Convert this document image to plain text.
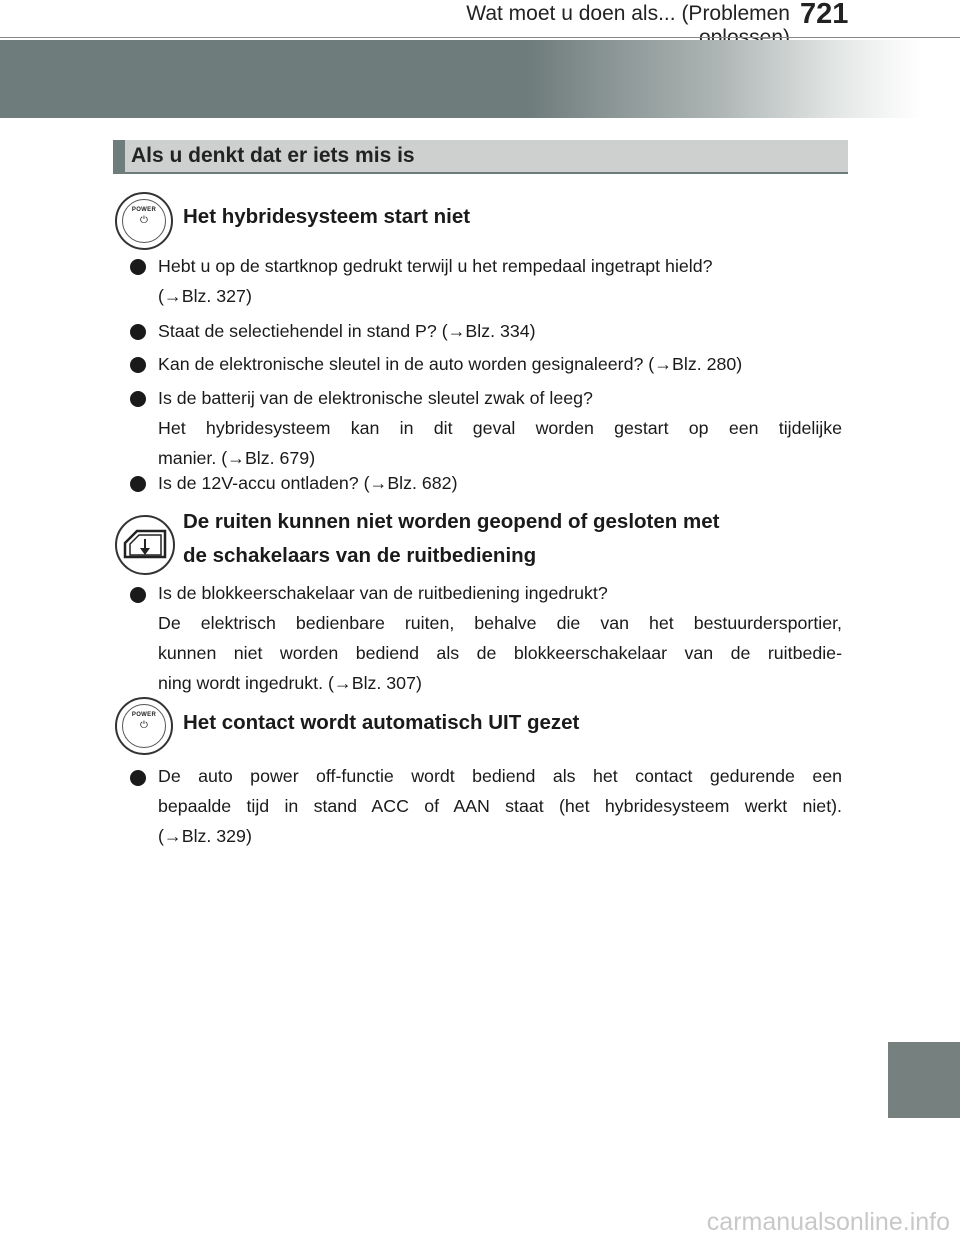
Wat moet u doen als... (Problemen 721
Als u denkt dat er iets mis is
POWER
⏻	Het hybridesysteem start niet
Hebt u op de startknop gedrukt terwijl u het rempedaal ingetrapt hield?
(→Blz. 327)
Staat de selectiehendel in stand P? (→Blz. 334)
Kan de elektronische sleutel in de auto worden gesignaleerd? (→Blz. 280)
Is de batterij van de elektronische sleutel zwak of leeg?
Het hybridesysteem kan in dit geval worden gestart op een tijdelijke
manier. (→Blz. 679)
Is de 12V-accu ontladen? (→Blz. 682)
De ruiten kunnen niet worden geopend of gesloten met
de schakelaars van de ruitbediening
Is de blokkeerschakelaar van de ruitbediening ingedrukt?
De elektrisch bedienbare ruiten, behalve die van het bestuurdersportier,
kunnen niet worden bediend als de blokkeerschakelaar van de ruitbedie-
ning wordt ingedrukt. (→Blz. 307)
POWER
⏻	Het contact wordt automatisch UIT gezet
De auto power off-functie wordt bediend als het contact gedurende een
bepaalde tijd in stand ACC of AAN staat (het hybridesysteem werkt niet).
(→Blz. 329)
carmanualsonline.info
